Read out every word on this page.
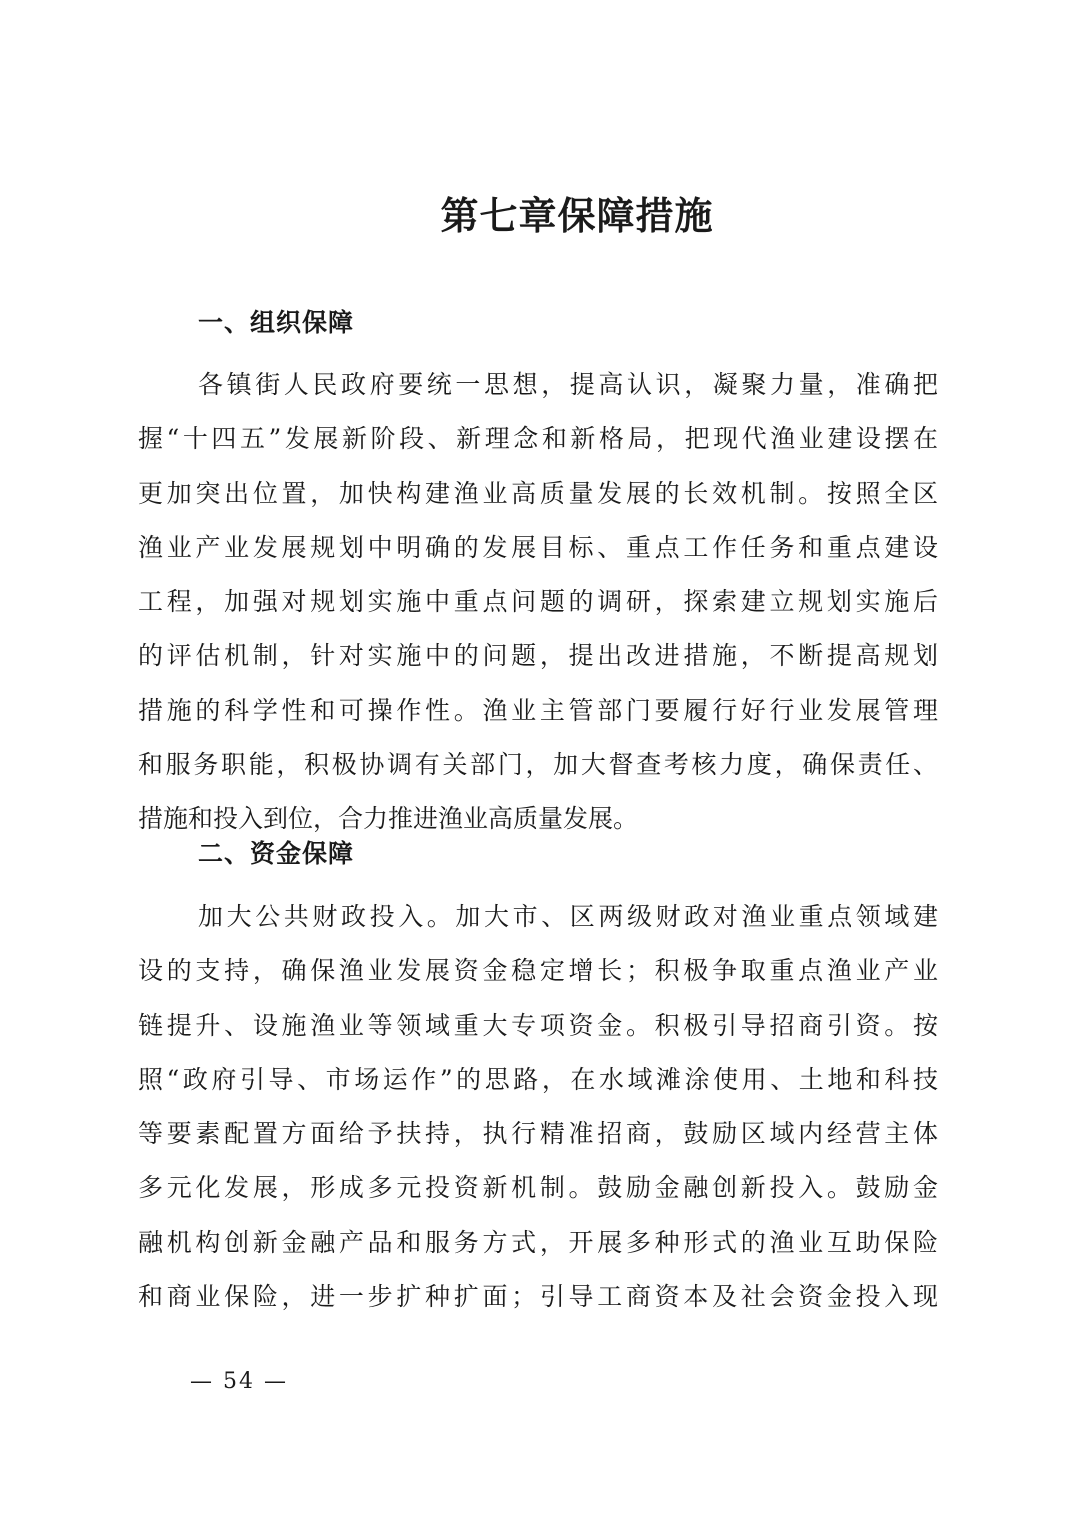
第七章保障措施
一、组织保障
各镇街人民政府要统一思想，提高认识，凝聚力量，准确把
握“十四五”发展新阶段、新理念和新格局，把现代渔业建设摆在
更加突出位置，加快构建渔业高质量发展的长效机制。按照全区
渔业产业发展规划中明确的发展目标、重点工作任务和重点建设
工程，加强对规划实施中重点问题的调研，探索建立规划实施后
的评估机制，针对实施中的问题，提出改进措施，不断提高规划
措施的科学性和可操作性。渔业主管部门要履行好行业发展管理
和服务职能，积极协调有关部门，加大督查考核力度，确保责任、
措施和投入到位，合力推进渔业高质量发展。
二、资金保障
加大公共财政投入。加大市、区两级财政对渔业重点领域建
设的支持，确保渔业发展资金稳定增长；积极争取重点渔业产业
链提升、设施渔业等领域重大专项资金。积极引导招商引资。按
照“政府引导、市场运作”的思路，在水域滩涂使用、土地和科技
等要素配置方面给予扶持，执行精准招商，鼓励区域内经营主体
多元化发展，形成多元投资新机制。鼓励金融创新投入。鼓励金
融机构创新金融产品和服务方式，开展多种形式的渔业互助保险
和商业保险，进一步扩种扩面；引导工商资本及社会资金投入现
— 54 —
